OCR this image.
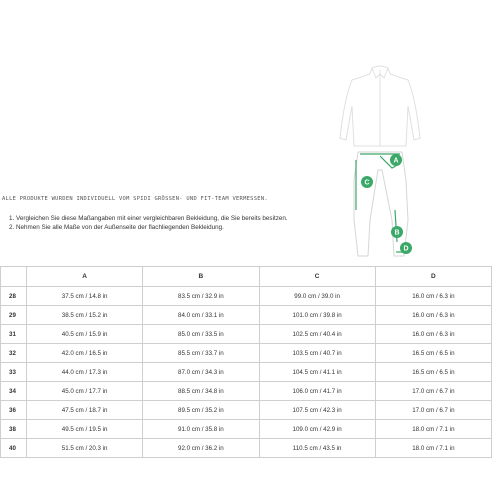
A
C
B
D
ALLE PRODUKTE WURDEN INDIVIDUELL VOM SPIDI GRÖSSEN- UND FIT-TEAM VERMESSEN.
1. Vergleichen Sie diese Maßangaben mit einer vergleichbaren Bekleidung, die Sie bereits besitzen.
2. Nehmen Sie alle Maße von der Außenseite der flachliegenden Bekleidung.
	A	B	C	D
28	37.5 cm / 14.8 in	83.5 cm / 32.9 in	99.0 cm / 39.0 in	16.0 cm / 6.3 in
29	38.5 cm / 15.2 in	84.0 cm / 33.1 in	101.0 cm / 39.8 in	16.0 cm / 6.3 in
31	40.5 cm / 15.9 in	85.0 cm / 33.5 in	102.5 cm / 40.4 in	16.0 cm / 6.3 in
32	42.0 cm / 16.5 in	85.5 cm / 33.7 in	103.5 cm / 40.7 in	16.5 cm / 6.5 in
33	44.0 cm / 17.3 in	87.0 cm / 34.3 in	104.5 cm / 41.1 in	16.5 cm / 6.5 in
34	45.0 cm / 17.7 in	88.5 cm / 34.8 in	106.0 cm / 41.7 in	17.0 cm / 6.7 in
36	47.5 cm / 18.7 in	89.5 cm / 35.2 in	107.5 cm / 42.3 in	17.0 cm / 6.7 in
38	49.5 cm / 19.5 in	91.0 cm / 35.8 in	109.0 cm / 42.9 in	18.0 cm / 7.1 in
40	51.5 cm / 20.3 in	92.0 cm / 36.2 in	110.5 cm / 43.5 in	18.0 cm / 7.1 in
